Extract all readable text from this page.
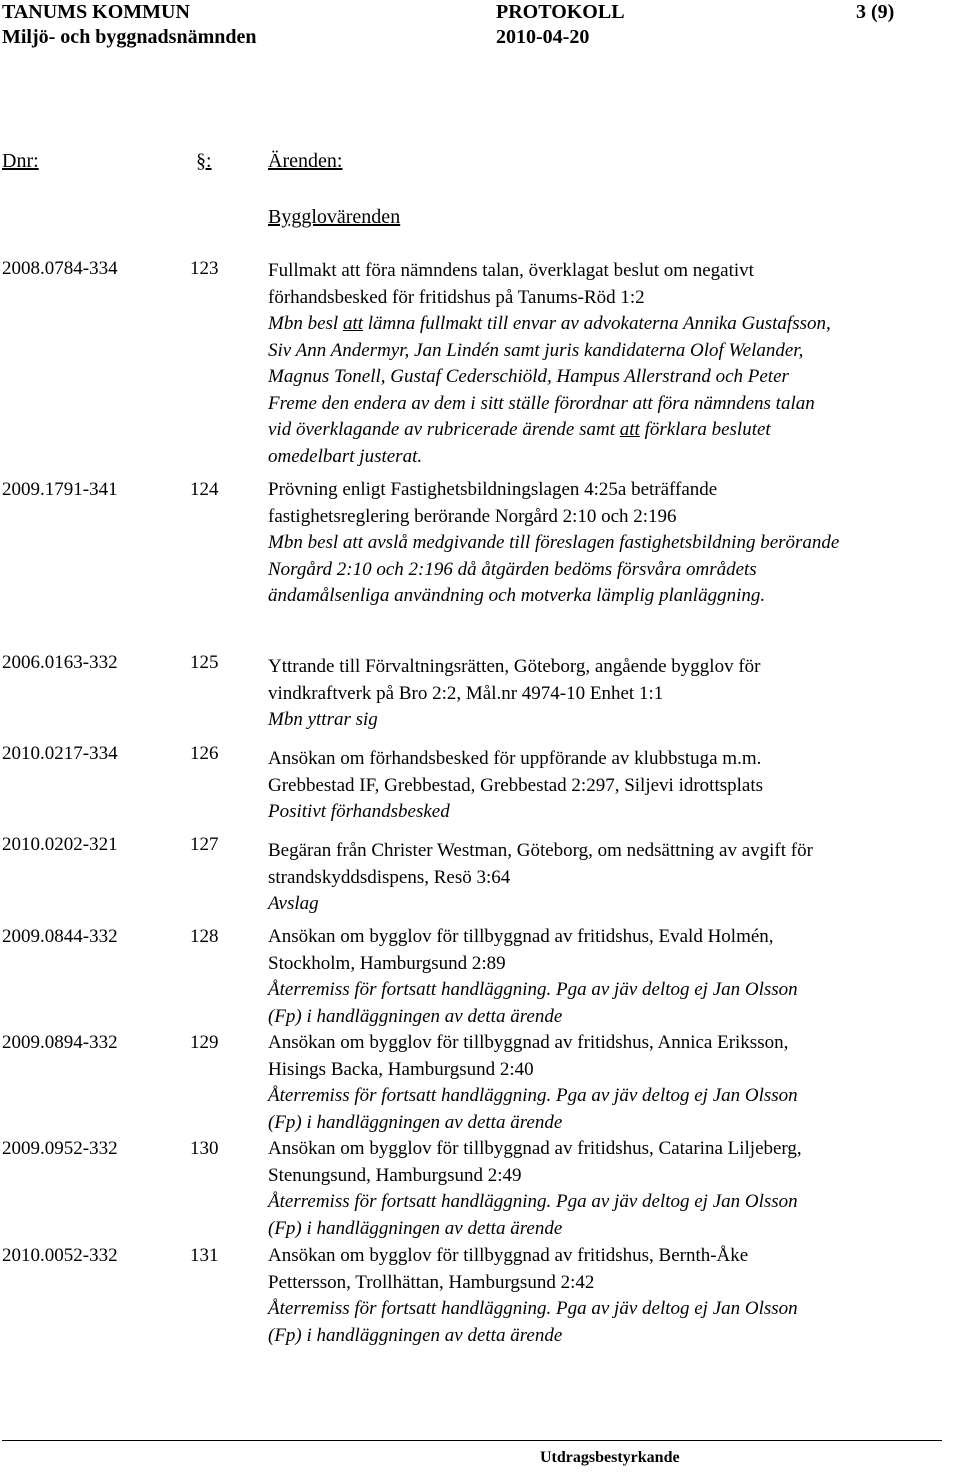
TANUMS KOMMUN	PROTOKOLL	3 (9)
Miljö- och byggnadsnämnden	2010-04-20
Dnr:	§:	Ärenden:
Bygglovärenden
2008.0784-334	123	Fullmakt att föra nämndens talan, överklagat beslut om negativt
förhandsbesked för fritidshus på Tanums-Röd 1:2
Mbn besl att lämna fullmakt till envar av advokaterna Annika Gustafsson,
Siv Ann Andermyr, Jan Lindén samt juris kandidaterna Olof Welander,
Magnus Tonell, Gustaf Cederschiöld, Hampus Allerstrand och Peter
Freme den endera av dem i sitt ställe förordnar att föra nämndens talan
vid överklagande av rubricerade ärende samt att förklara beslutet
omedelbart justerat.
2009.1791-341	124	Prövning enligt Fastighetsbildningslagen 4:25a beträffande
fastighetsreglering berörande Norgård 2:10 och 2:196
Mbn besl att avslå medgivande till föreslagen fastighetsbildning berörande
Norgård 2:10 och 2:196 då åtgärden bedöms försvåra områdets
ändamålsenliga användning och motverka lämplig planläggning.
2006.0163-332	125	Yttrande till Förvaltningsrätten, Göteborg, angående bygglov för
vindkraftverk på Bro 2:2, Mål.nr 4974-10 Enhet 1:1
Mbn yttrar sig
2010.0217-334	126	Ansökan om förhandsbesked för uppförande av klubbstuga m.m.
Grebbestad IF, Grebbestad, Grebbestad 2:297, Siljevi idrottsplats
Positivt förhandsbesked
2010.0202-321	127	Begäran från Christer Westman, Göteborg, om nedsättning av avgift för
strandskyddsdispens, Resö 3:64
Avslag
2009.0844-332	128	Ansökan om bygglov för tillbyggnad av fritidshus, Evald Holmén,
Stockholm, Hamburgsund 2:89
Återremiss för fortsatt handläggning. Pga av jäv deltog ej Jan Olsson
(Fp) i handläggningen av detta ärende
2009.0894-332	129	Ansökan om bygglov för tillbyggnad av fritidshus, Annica Eriksson,
Hisings Backa, Hamburgsund 2:40
Återremiss för fortsatt handläggning. Pga av jäv deltog ej Jan Olsson
(Fp) i handläggningen av detta ärende
2009.0952-332	130	Ansökan om bygglov för tillbyggnad av fritidshus, Catarina Liljeberg,
Stenungsund, Hamburgsund 2:49
Återremiss för fortsatt handläggning. Pga av jäv deltog ej Jan Olsson
(Fp) i handläggningen av detta ärende
2010.0052-332	131	Ansökan om bygglov för tillbyggnad av fritidshus, Bernth-Åke
Pettersson, Trollhättan, Hamburgsund 2:42
Återremiss för fortsatt handläggning. Pga av jäv deltog ej Jan Olsson
(Fp) i handläggningen av detta ärende
Utdragsbestyrkande
